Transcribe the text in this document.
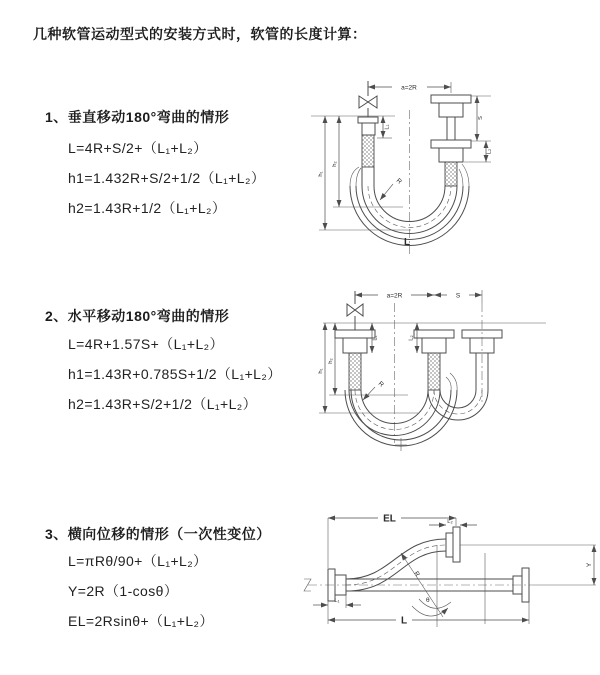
几种软管运动型式的安装方式时，软管的长度计算：
1、垂直移动180°弯曲的情形
L=4R+S/2+（L₁+L₂）
h1=1.432R+S/2+1/2（L₁+L₂）
h2=1.43R+1/2（L₁+L₂）
a=2R
L₁
h₂
h₁
S
L₂
R
L
2、水平移动180°弯曲的情形
L=4R+1.57S+（L₁+L₂）
h1=1.43R+0.785S+1/2（L₁+L₂）
h2=1.43R+S/2+1/2（L₁+L₂）
a=2R	S
L₁	L₂
h₂
h₁
R
3、横向位移的情形（一次性变位）
L=πRθ/90+（L₁+L₂）
Y=2R（1-cosθ）
EL=2Rsinθ+（L₁+L₂）
R
θ
EL	L₂
Y
L₁
L
